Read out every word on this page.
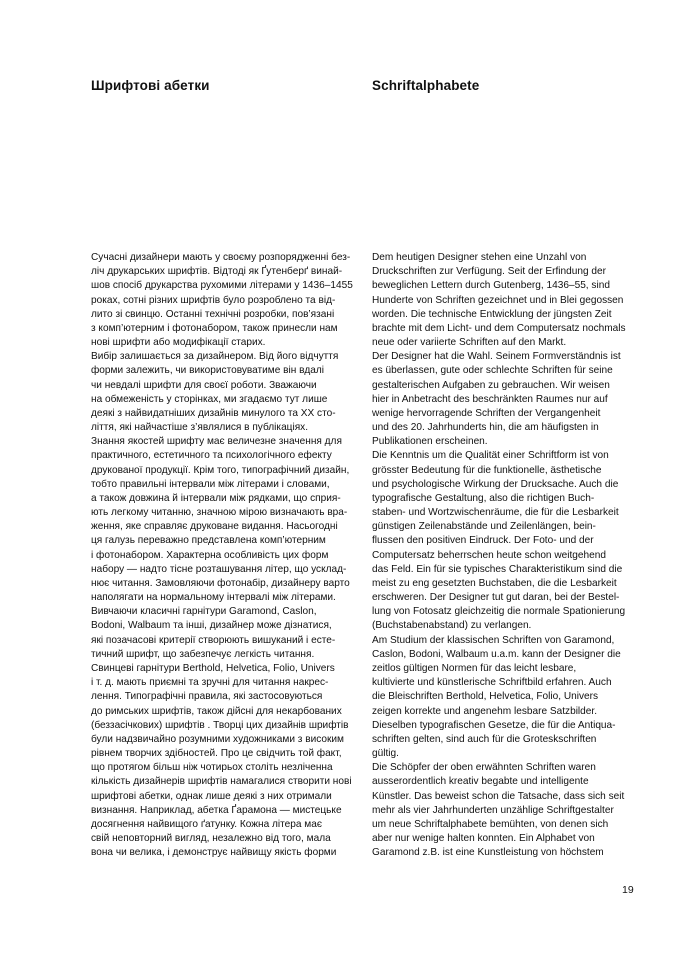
Шрифтові абетки	Schriftalphabete
Сучасні дизайнери мають у своєму розпорядженні без-
ліч друкарських шрифтів. Відтоді як Ґутенберґ винай-
шов спосіб друкарства рухомими літерами у 1436–1455
роках, сотні різних шрифтів було розроблено та від-
лито зі свинцю. Останні технічні розробки, пов’язані
з комп’ютерним і фотонабором, також принесли нам
нові шрифти або модифікації старих.
Вибір залишається за дизайнером. Від його відчуття
форми залежить, чи використовуватиме він вдалі
чи невдалі шрифти для своєї роботи. Зважаючи
на обмеженість у сторінках, ми згадаємо тут лише
деякі з найвидатніших дизайнів минулого та XX сто-
ліття, які найчастіше з’являлися в публікаціях.
Знання якостей шрифту має величезне значення для
практичного, естетичного та психологічного ефекту
друкованої продукції. Крім того, типографічний дизайн,
тобто правильні інтервали між літерами і словами,
а також довжина й інтервали між рядками, що сприя-
ють легкому читанню, значною мірою визначають вра-
ження, яке справляє друковане видання. Насьогодні
ця галузь переважно представлена комп’ютерним
і фотонабором. Характерна особливість цих форм
набору — надто тісне розташування літер, що усклад-
нює читання. Замовляючи фотонабір, дизайнеру варто
наполягати на нормальному інтервалі між літерами.
Вивчаючи класичні гарнітури Garamond, Caslon,
Bodoni, Walbaum та інші, дизайнер може дізнатися,
які позачасові критерії створюють вишуканий і есте-
тичний шрифт, що забезпечує легкість читання.
Свинцеві гарнітури Berthold, Helvetica, Folio, Univers
і т. д. мають приємні та зручні для читання накрес-
лення. Типографічні правила, які застосовуються
до римських шрифтів, також дійсні для некарбованих
(беззасічкових) шрифтів . Творці цих дизайнів шрифтів
були надзвичайно розумними художниками з високим
рівнем творчих здібностей. Про це свідчить той факт,
що протягом більш ніж чотирьох століть незліченна
кількість дизайнерів шрифтів намагалися створити нові
шрифтові абетки, однак лише деякі з них отримали
визнання. Наприклад, абетка Ґарамона — мистецьке
досягнення найвищого ґатунку. Кожна літера має
свій неповторний вигляд, незалежно від того, мала
вона чи велика, і демонструє найвищу якість форми
Dem heutigen Designer stehen eine Unzahl von
Druckschriften zur Verfügung. Seit der Erfindung der
beweglichen Lettern durch Gutenberg, 1436–55, sind
Hunderte von Schriften gezeichnet und in Blei gegossen
worden. Die technische Entwicklung der jüngsten Zeit
brachte mit dem Licht- und dem Computersatz nochmals
neue oder variierte Schriften auf den Markt.
Der Designer hat die Wahl. Seinem Formverständnis ist
es überlassen, gute oder schlechte Schriften für seine
gestalterischen Aufgaben zu gebrauchen. Wir weisen
hier in Anbetracht des beschränkten Raumes nur auf
wenige hervorragende Schriften der Vergangenheit
und des 20. Jahrhunderts hin, die am häufigsten in
Publikationen erscheinen.
Die Kenntnis um die Qualität einer Schriftform ist von
grösster Bedeutung für die funktionelle, ästhetische
und psychologische Wirkung der Drucksache. Auch die
typografische Gestaltung, also die richtigen Buch-
staben- und Wortzwischenräume, die für die Lesbarkeit
günstigen Zeilenabstände und Zeilenlängen, bein-
flussen den positiven Eindruck. Der Foto- und der
Computersatz beherrschen heute schon weitgehend
das Feld. Ein für sie typisches Charakteristikum sind die
meist zu eng gesetzten Buchstaben, die die Lesbarkeit
erschweren. Der Designer tut gut daran, bei der Bestel-
lung von Fotosatz gleichzeitig die normale Spationierung
(Buchstabenabstand) zu verlangen.
Am Studium der klassischen Schriften von Garamond,
Caslon, Bodoni, Walbaum u.a.m. kann der Designer die
zeitlos gültigen Normen für das leicht lesbare,
kultivierte und künstlerische Schriftbild erfahren. Auch
die Bleischriften Berthold, Helvetica, Folio, Univers
zeigen korrekte und angenehm lesbare Satzbilder.
Dieselben typografischen Gesetze, die für die Antiqua-
schriften gelten, sind auch für die Groteskschriften
gültig.
Die Schöpfer der oben erwähnten Schriften waren
ausserordentlich kreativ begabte und intelligente
Künstler. Das beweist schon die Tatsache, dass sich seit
mehr als vier Jahrhunderten unzählige Schriftgestalter
um neue Schriftalphabete bemühten, von denen sich
aber nur wenige halten konnten. Ein Alphabet von
Garamond z.B. ist eine Kunstleistung von höchstem
19
